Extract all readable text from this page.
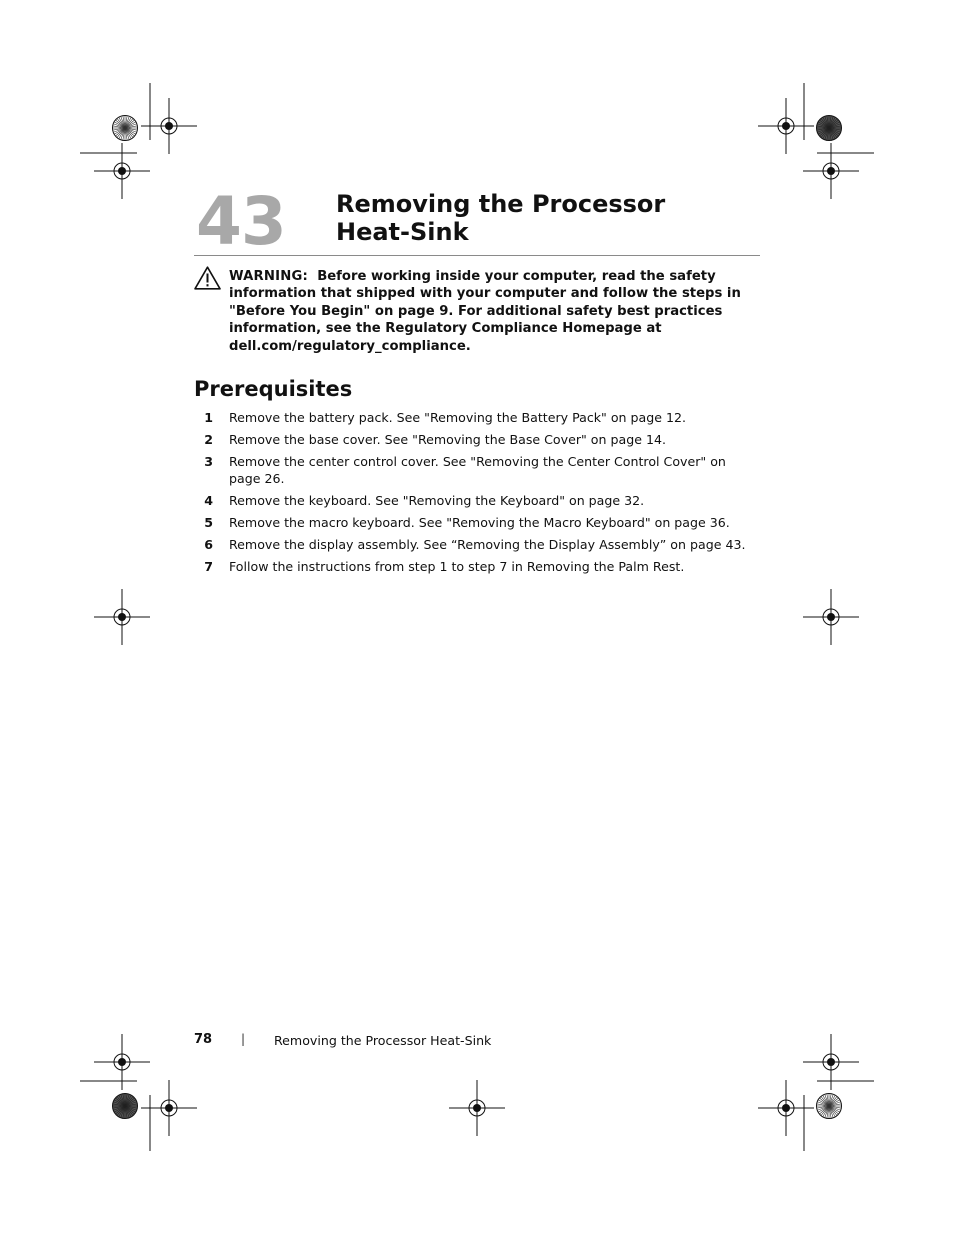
43 Removing the Processor
Heat-Sink
WARNING: Before working inside your computer, read the safety information that shipped with your computer and follow the steps in "Before You Begin" on page 9. For additional safety best practices information, see the Regulatory Compliance Homepage at dell.com/regulatory_compliance.
Prerequisites
1 Remove the battery pack. See "Removing the Battery Pack" on page 12.
2 Remove the base cover. See "Removing the Base Cover" on page 14.
3 Remove the center control cover. See "Removing the Center Control Cover" on page 26.
4 Remove the keyboard. See "Removing the Keyboard" on page 32.
5 Remove the macro keyboard. See "Removing the Macro Keyboard" on page 36.
6 Remove the display assembly. See “Removing the Display Assembly” on page 43.
7 Follow the instructions from step 1 to step 7 in Removing the Palm Rest.
78 | Removing the Processor Heat-Sink
